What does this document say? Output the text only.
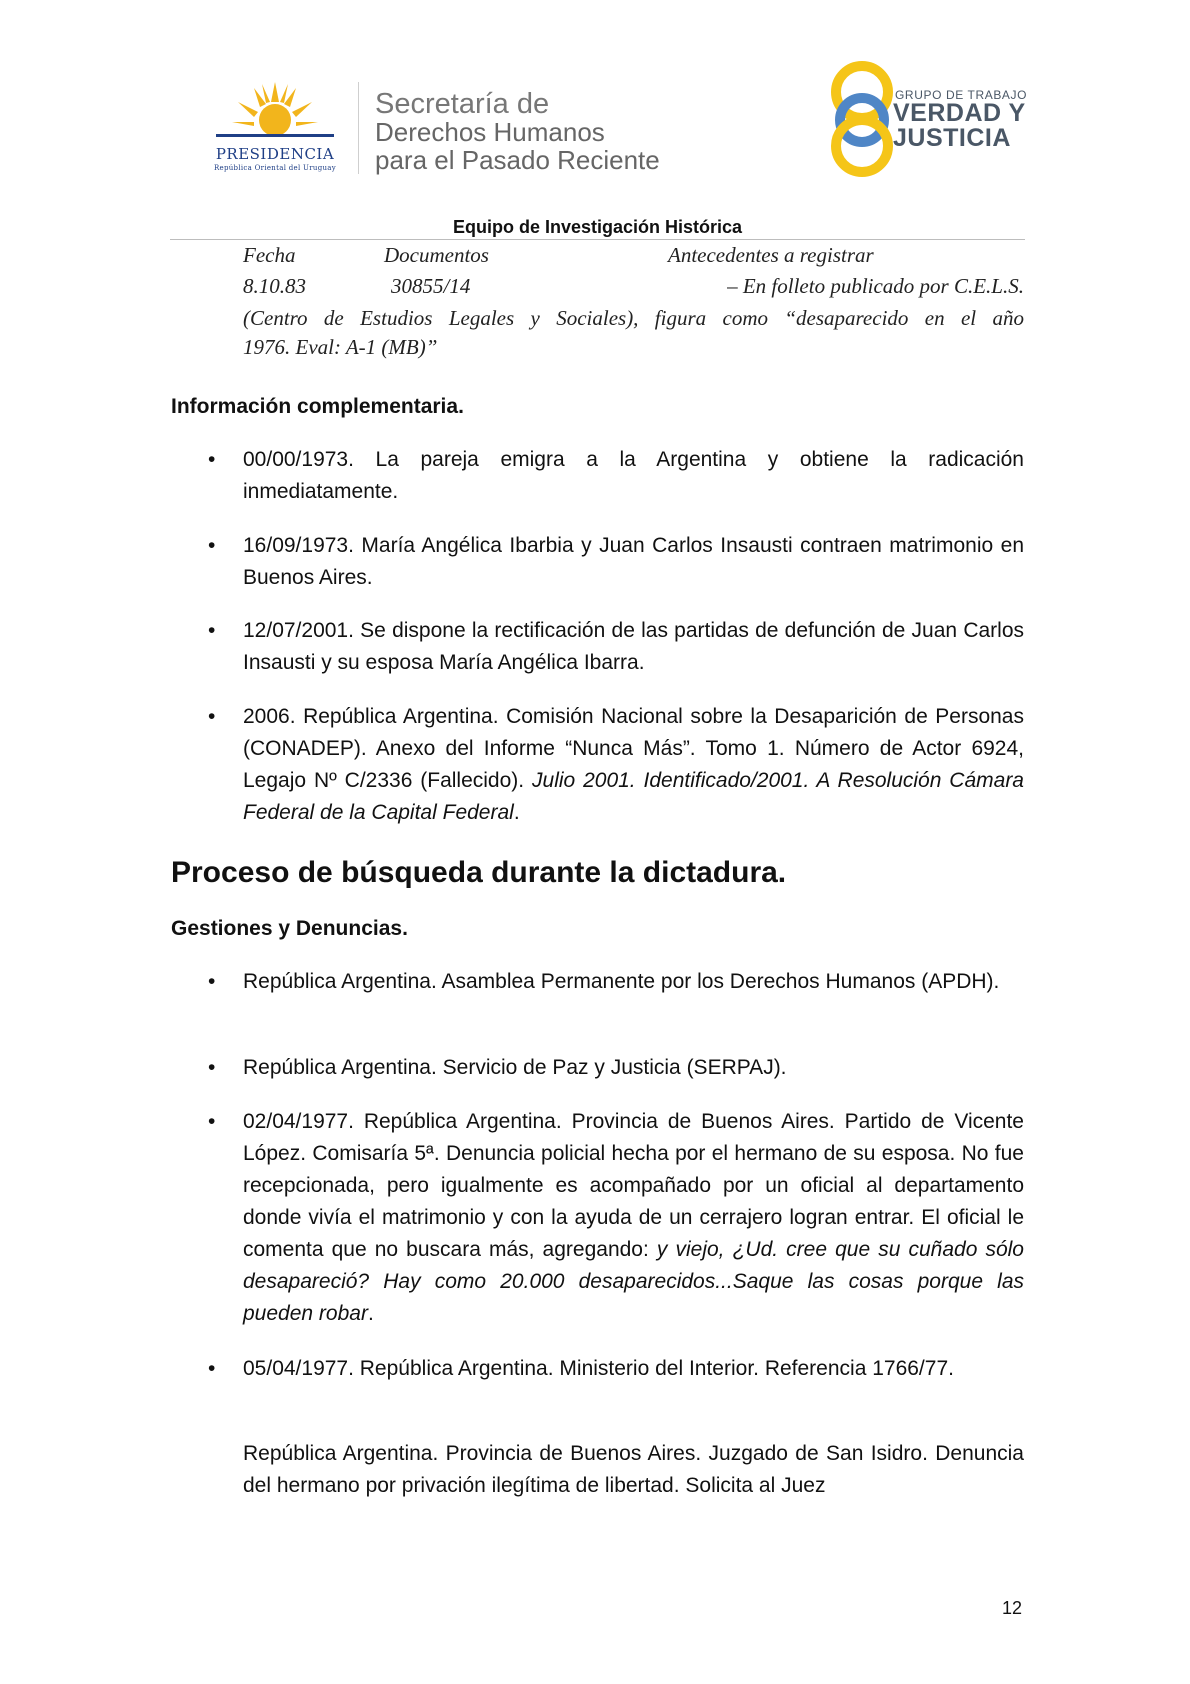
PRESIDENCIA
República Oriental del Uruguay
Secretaría de
Derechos Humanos
para el Pasado Reciente
GRUPO DE TRABAJO
VERDAD Y
JUSTICIA
Equipo de Investigación Histórica
Fecha	Documentos	Antecedentes a registrar
8.10.83	30855/14	– En folleto publicado por C.E.L.S.
(Centro de Estudios Legales y Sociales), figura como “desaparecido en el año
1976. Eval: A-1 (MB)”
Información complementaria.
• 00/00/1973. La pareja emigra a la Argentina y obtiene la radicación inmediatamente.
• 16/09/1973. María Angélica Ibarbia y Juan Carlos Insausti contraen matrimonio en Buenos Aires.
• 12/07/2001. Se dispone la rectificación de las partidas de defunción de Juan Carlos Insausti y su esposa María Angélica Ibarra.
• 2006. República Argentina. Comisión Nacional sobre la Desaparición de Personas (CONADEP). Anexo del Informe “Nunca Más”. Tomo 1. Número de Actor 6924, Legajo Nº C/2336 (Fallecido). Julio 2001. Identificado/2001. A Resolución Cámara Federal de la Capital Federal.
Proceso de búsqueda durante la dictadura.
Gestiones y Denuncias.
• República Argentina. Asamblea Permanente por los Derechos Humanos (APDH).
• República Argentina. Servicio de Paz y Justicia (SERPAJ).
• 02/04/1977. República Argentina. Provincia de Buenos Aires. Partido de Vicente López. Comisaría 5ª. Denuncia policial hecha por el hermano de su esposa. No fue recepcionada, pero igualmente es acompañado por un oficial al departamento donde vivía el matrimonio y con la ayuda de un cerrajero logran entrar. El oficial le comenta que no buscara más, agregando: y viejo, ¿Ud. cree que su cuñado sólo desapareció? Hay como 20.000 desaparecidos...Saque las cosas porque las pueden robar.
• 05/04/1977. República Argentina. Ministerio del Interior. Referencia 1766/77.
República Argentina. Provincia de Buenos Aires. Juzgado de San Isidro. Denuncia del hermano por privación ilegítima de libertad. Solicita al Juez
12
